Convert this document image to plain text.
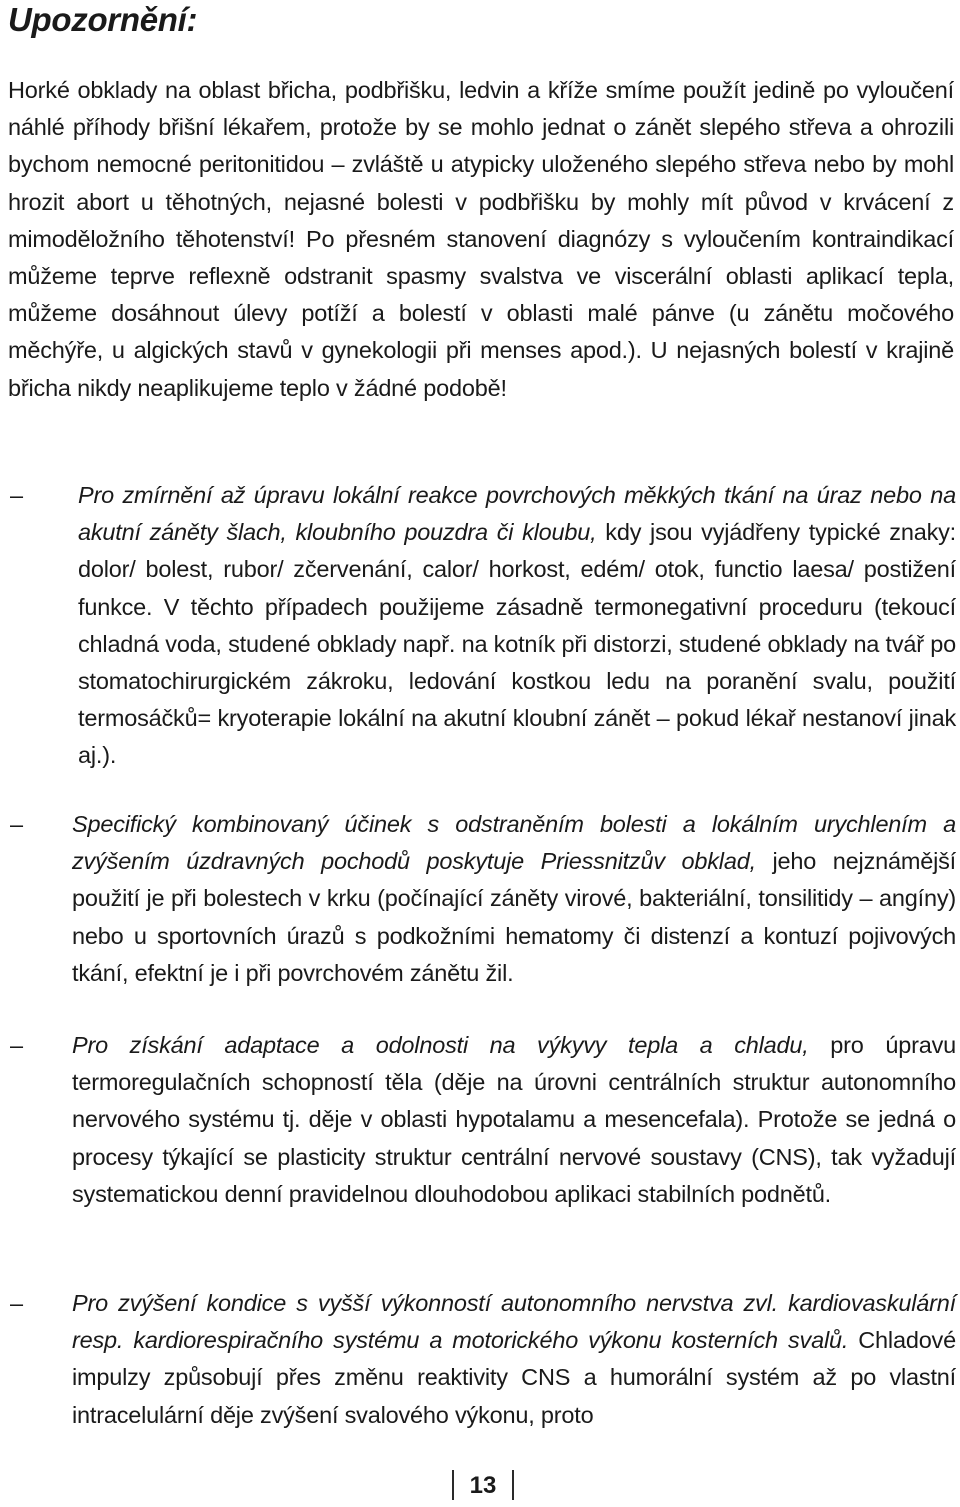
Upozornění:

Horké obklady na oblast břicha, podbřišku, ledvin a kříže smíme použít jedině po vyloučení náhlé příhody břišní lékařem, protože by se mohlo jednat o zánět slepého střeva a ohrozili bychom nemocné peritonitidou – zvláště u atypicky uloženého slepého střeva nebo by mohl hrozit abort u těhotných, nejasné bolesti v podbřišku by mohly mít původ v krvácení z mimoděložního těhotenství! Po přesném stanovení diagnózy s vyloučením kontraindikací můžeme teprve reflexně odstranit spasmy svalstva ve viscerální oblasti aplikací tepla, můžeme dosáhnout úlevy potíží a bolestí v oblasti malé pánve (u zánětu močového měchýře, u algických stavů v gynekologii při menses apod.). U nejasných bolestí v krajině břicha nikdy neaplikujeme teplo v žádné podobě!

– Pro zmírnění až úpravu lokální reakce povrchových měkkých tkání na úraz nebo na akutní záněty šlach, kloubního pouzdra či kloubu, kdy jsou vyjádřeny typické znaky: dolor/ bolest, rubor/ zčervenání, calor/ horkost, edém/ otok, functio laesa/ postižení funkce. V těchto případech použijeme zásadně termonegativní proceduru (tekoucí chladná voda, studené obklady např. na kotník při distorzi, studené obklady na tvář po stomatochirurgickém zákroku, ledování kostkou ledu na poranění svalu, použití termosáčků= kryoterapie lokální na akutní kloubní zánět – pokud lékař nestanoví jinak aj.).

– Specifický kombinovaný účinek s odstraněním bolesti a lokálním urychlením a zvýšením úzdravných pochodů poskytuje Priessnitzův obklad, jeho nejznámější použití je při bolestech v krku (počínající záněty virové, bakteriální, tonsilitidy – angíny) nebo u sportovních úrazů s podkožními hematomy či distenzí a kontuzí pojivových tkání, efektní je i při povrchovém zánětu žil.

– Pro získání adaptace a odolnosti na výkyvy tepla a chladu, pro úpravu termoregulačních schopností těla (děje na úrovni centrálních struktur autonomního nervového systému tj. děje v oblasti hypotalamu a mesencefala). Protože se jedná o procesy týkající se plasticity struktur centrální nervové soustavy (CNS), tak vyžadují systematickou denní pravidelnou dlouhodobou aplikaci stabilních podnětů.

– Pro zvýšení kondice s vyšší výkonností autonomního nervstva zvl. kardiovaskulární resp. kardiorespiračního systému a motorického výkonu kosterních svalů. Chladové impulzy způsobují přes změnu reaktivity CNS a humorální systém až po vlastní intracelulární děje zvýšení svalového výkonu, proto

13
